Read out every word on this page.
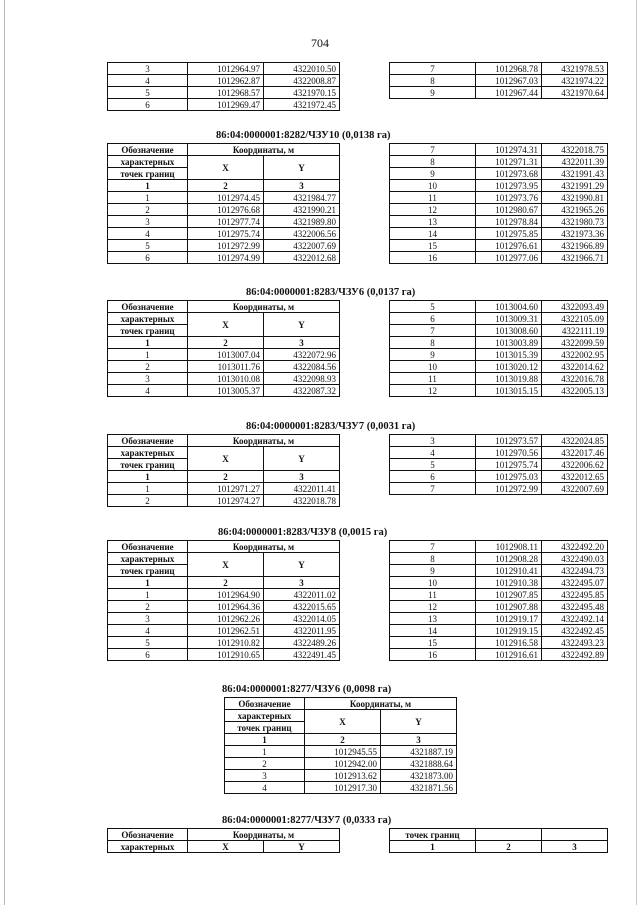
704
3	1012964.97	4322010.50
4	1012962.87	4322008.87
5	1012968.57	4321970.15
6	1012969.47	4321972.45
7	1012968.78	4321978.53
8	1012967.03	4321974.22
9	1012967.44	4321970.64
86:04:0000001:8282/ЧЗУ10 (0,0138 га)
Обозначение	Координаты, м	
характерных	X	Y
точек границ		
1	2	3
1	1012974.45	4321984.77
2	1012976.68	4321990.21
3	1012977.74	4321989.80
4	1012975.74	4322006.56
5	1012972.99	4322007.69
6	1012974.99	4322012.68
7	1012974.31	4322018.75
8	1012971.31	4322011.39
9	1012973.68	4321991.43
10	1012973.95	4321991.29
11	1012973.76	4321990.81
12	1012980.67	4321965.26
13	1012978.84	4321980.73
14	1012975.85	4321973.36
15	1012976.61	4321966.89
16	1012977.06	4321966.71
86:04:0000001:8283/ЧЗУ6 (0,0137 га)
Обозначение	Координаты, м	
характерных	X	Y
точек границ		
1	2	3
1	1013007.04	4322072.96
2	1013011.76	4322084.56
3	1013010.08	4322098.93
4	1013005.37	4322087.32
5	1013004.60	4322093.49
6	1013009.31	4322105.09
7	1013008.60	4322111.19
8	1013003.89	4322099.59
9	1013015.39	4322002.95
10	1013020.12	4322014.62
11	1013019.88	4322016.78
12	1013015.15	4322005.13
86:04:0000001:8283/ЧЗУ7 (0,0031 га)
Обозначение	Координаты, м	
характерных	X	Y
точек границ		
1	2	3
1	1012971.27	4322011.41
2	1012974.27	4322018.78
3	1012973.57	4322024.85
4	1012970.56	4322017.46
5	1012975.74	4322006.62
6	1012975.03	4322012.65
7	1012972.99	4322007.69
86:04:0000001:8283/ЧЗУ8 (0,0015 га)
Обозначение	Координаты, м	
характерных	X	Y
точек границ		
1	2	3
1	1012964.90	4322011.02
2	1012964.36	4322015.65
3	1012962.26	4322014.05
4	1012962.51	4322011.95
5	1012910.82	4322489.26
6	1012910.65	4322491.45
7	1012908.11	4322492.20
8	1012908.28	4322490.03
9	1012910.41	4322494.73
10	1012910.38	4322495.07
11	1012907.85	4322495.85
12	1012907.88	4322495.48
13	1012919.17	4322492.14
14	1012919.15	4322492.45
15	1012916.58	4322493.23
16	1012916.61	4322492.89
86:04:0000001:8277/ЧЗУ6 (0,0098 га)
Обозначение	Координаты, м	
характерных	X	Y
точек границ		
1	2	3
1	1012945.55	4321887.19
2	1012942.00	4321888.64
3	1012913.62	4321873.00
4	1012917.30	4321871.56
86:04:0000001:8277/ЧЗУ7 (0,0333 га)
Обозначение	Координаты, м	
характерных	X	Y
точек границ		
1	2	3
